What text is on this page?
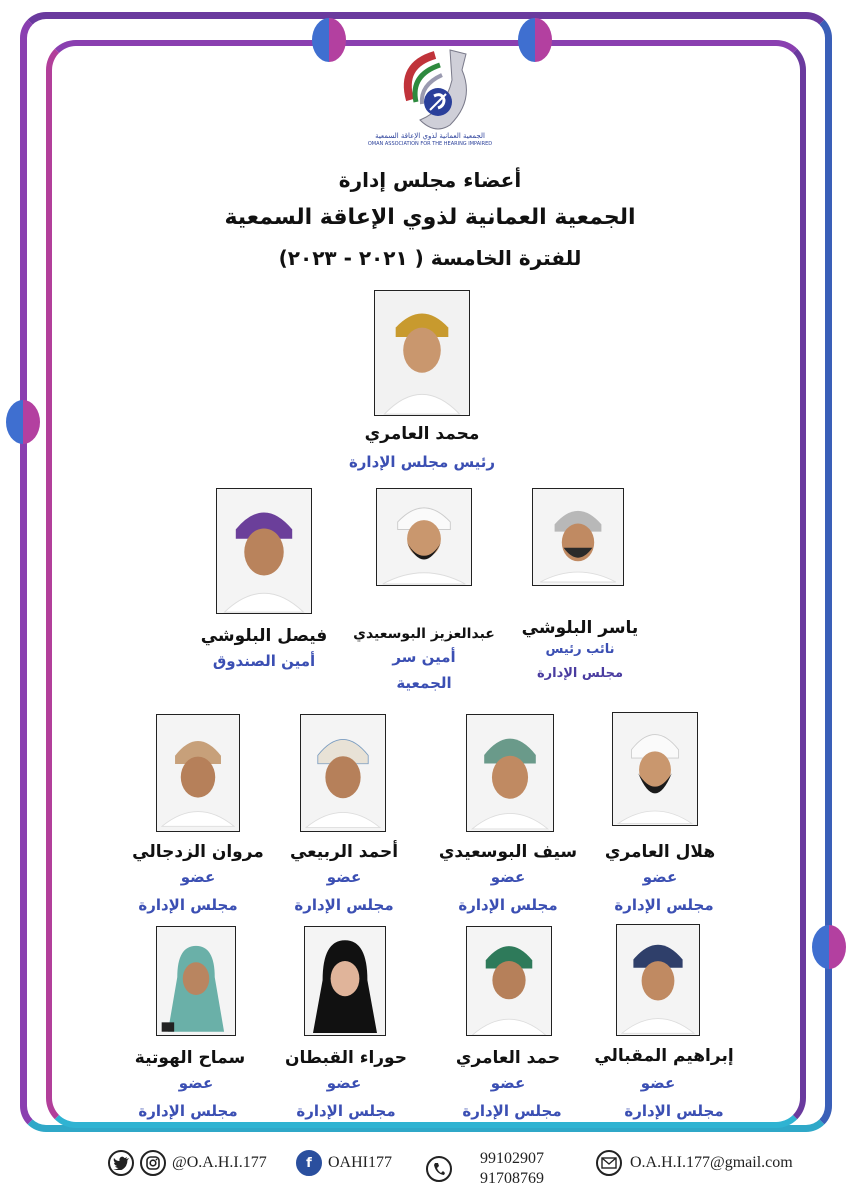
الجمعية العمانية لذوي الإعاقة السمعية
OMAN ASSOCIATION FOR THE HEARING IMPAIRED
أعضاء مجلس إدارة
الجمعية العمانية لذوي الإعاقة السمعية
للفترة الخامسة ( ٢٠٢١ - ٢٠٢٣)
محمد العامري
رئيس مجلس الإدارة
فيصل البلوشي
أمين الصندوق
عبدالعزيز البوسعيدي
أمين سر
الجمعية
ياسر البلوشي
نائب رئيس
مجلس الإدارة
مروان الزدجالي
عضو
مجلس الإدارة
أحمد الربيعي
عضو
مجلس الإدارة
سيف البوسعيدي
عضو
مجلس الإدارة
هلال العامري
عضو
مجلس الإدارة
سماح الهوتية
عضو
مجلس الإدارة
حوراء القبطان
عضو
مجلس الإدارة
حمد العامري
عضو
مجلس الإدارة
إبراهيم المقبالي
عضو
مجلس الإدارة
@O.A.H.I.177	f	OAHI177	99102907
91708769
O.A.H.I.177@gmail.com
